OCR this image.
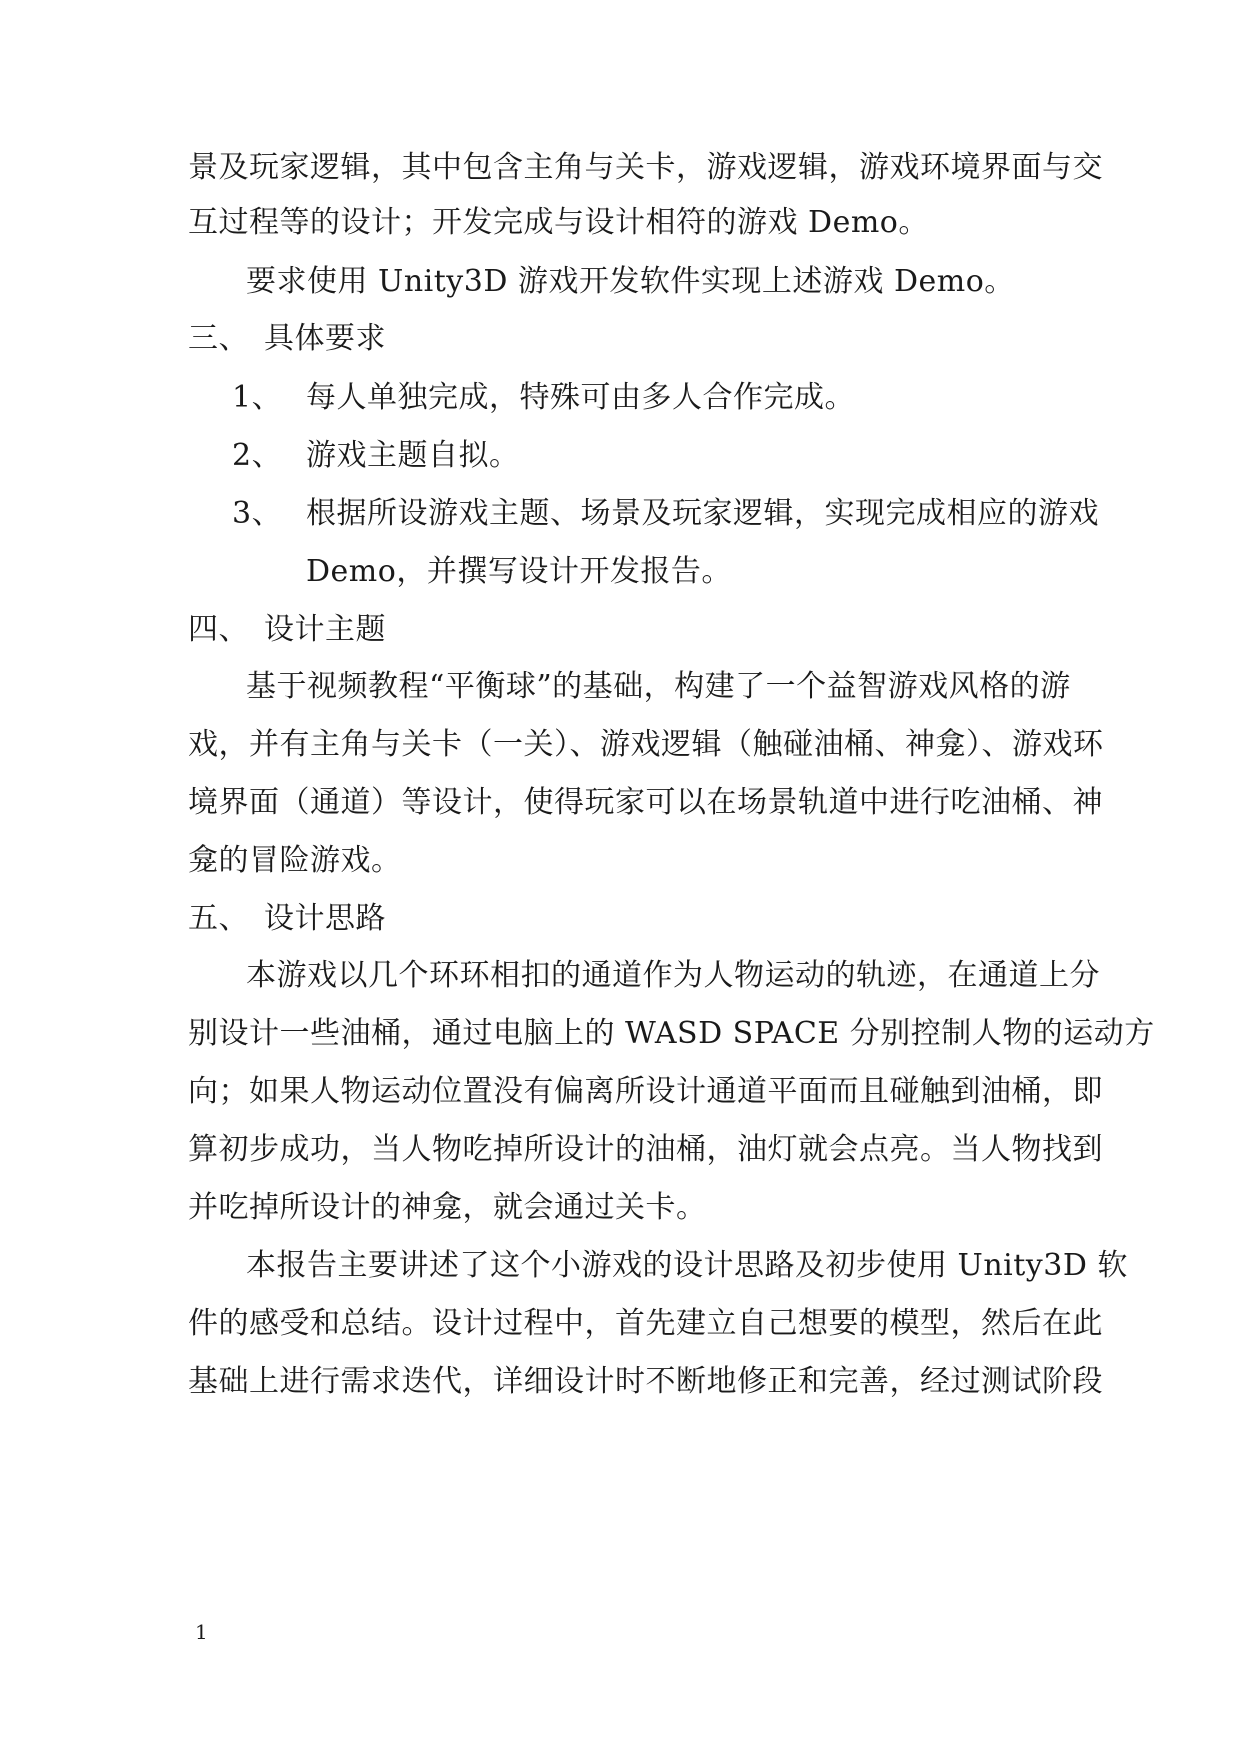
景及玩家逻辑，其中包含主角与关卡，游戏逻辑，游戏环境界面与交
互过程等的设计；开发完成与设计相符的游戏 Demo。
要求使用 Unity3D 游戏开发软件实现上述游戏 Demo。
三、 具体要求
1、 每人单独完成，特殊可由多人合作完成。
2、 游戏主题自拟。
3、 根据所设游戏主题、场景及玩家逻辑，实现完成相应的游戏
Demo，并撰写设计开发报告。
四、 设计主题
基于视频教程“平衡球”的基础，构建了一个益智游戏风格的游
戏，并有主角与关卡（一关）、游戏逻辑（触碰油桶、神龛）、游戏环
境界面（通道）等设计，使得玩家可以在场景轨道中进行吃油桶、神
龛的冒险游戏。
五、 设计思路
本游戏以几个环环相扣的通道作为人物运动的轨迹，在通道上分
别设计一些油桶，通过电脑上的 WASD SPACE 分别控制人物的运动方
向；如果人物运动位置没有偏离所设计通道平面而且碰触到油桶，即
算初步成功，当人物吃掉所设计的油桶，油灯就会点亮。当人物找到
并吃掉所设计的神龛，就会通过关卡。
本报告主要讲述了这个小游戏的设计思路及初步使用 Unity3D 软
件的感受和总结。设计过程中，首先建立自己想要的模型，然后在此
基础上进行需求迭代，详细设计时不断地修正和完善，经过测试阶段
1
